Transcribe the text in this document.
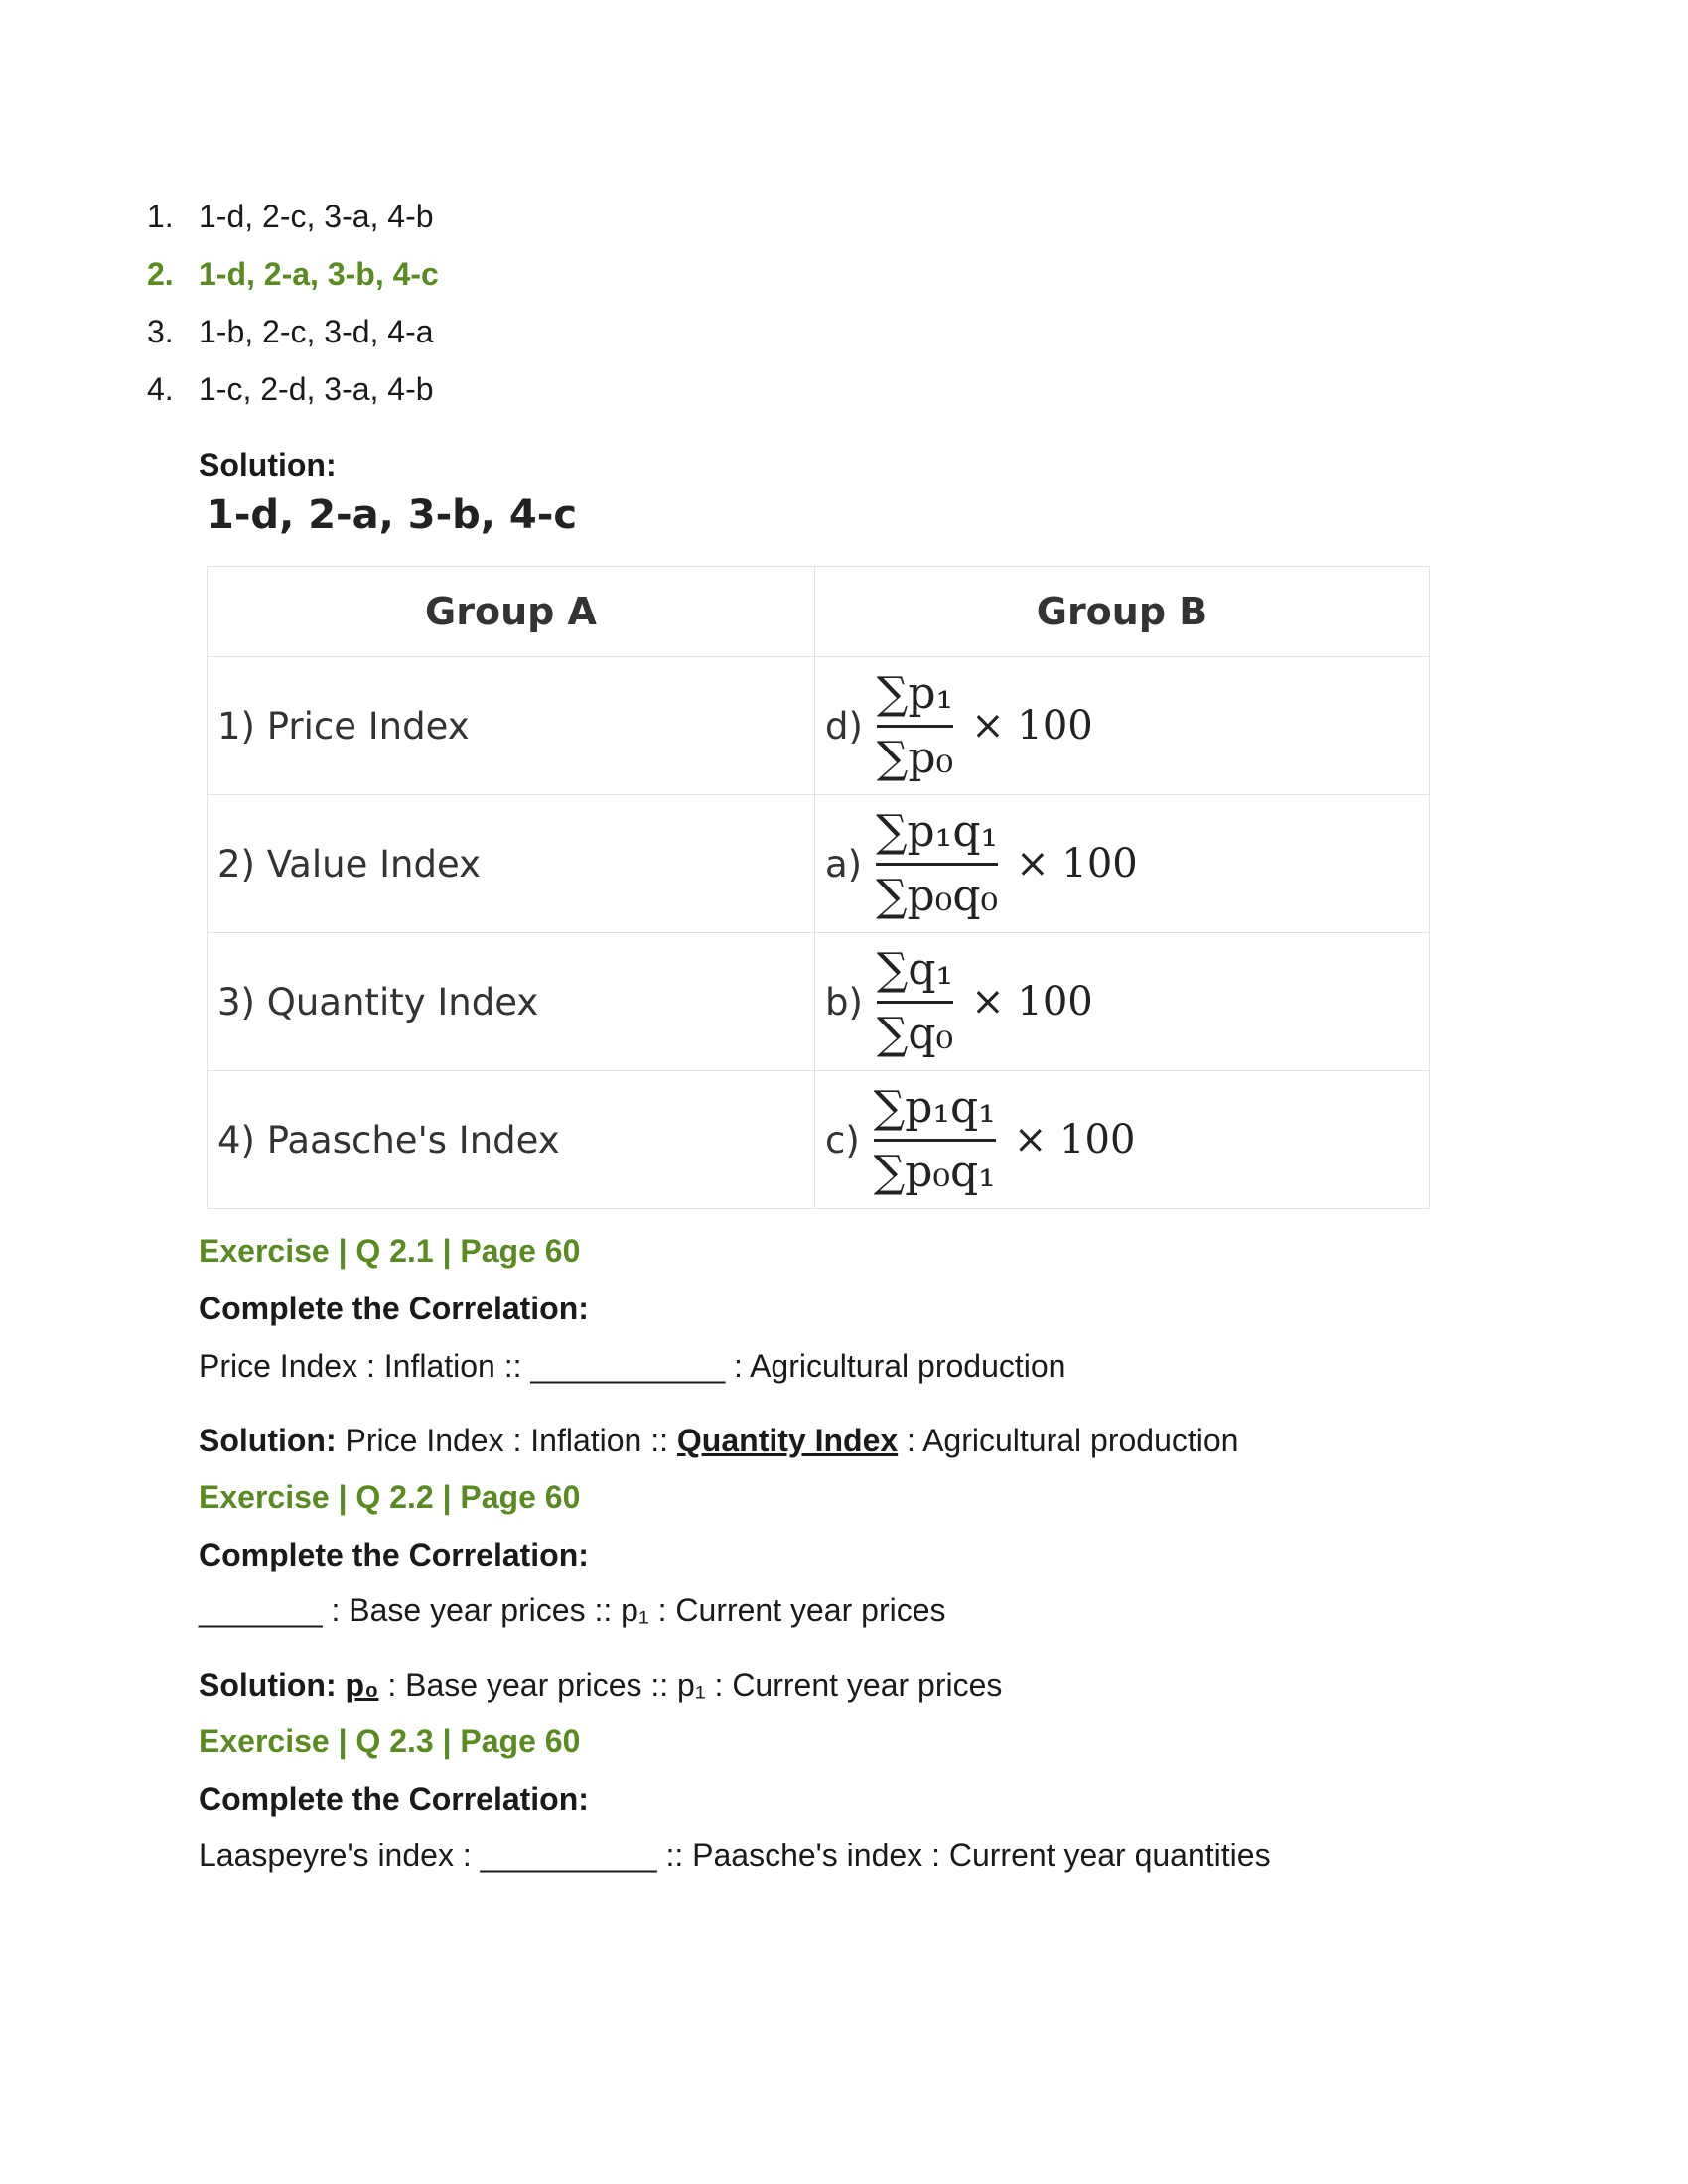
1. 1-d, 2-c, 3-a, 4-b
2. 1-d, 2-a, 3-b, 4-c
3. 1-b, 2-c, 3-d, 4-a
4. 1-c, 2-d, 3-a, 4-b
Solution:
1-d, 2-a, 3-b, 4-c
Group A	Group B
1) Price Index	$d) \frac{\text{∑p₁}}{\text{∑p₀}} \times 100$

2) Value Index	$a) \frac{\text{∑p₁q₁}}{\text{∑p₀q₀}} \times 100$

3) Quantity Index	$b) \frac{\text{∑q₁}}{\text{∑q₀}} \times 100$

4) Paasche's Index	$c) \frac{\text{∑p₁q₁}}{\text{∑p₀q₁}} \times 100$
Exercise | Q 2.1 | Page 60
Complete the Correlation:
Price Index : Inflation :: ___________ : Agricultural production
Solution: Price Index : Inflation :: Quantity Index : Agricultural production
Exercise | Q 2.2 | Page 60
Complete the Correlation:
_______ : Base year prices :: p₁ : Current year prices
Solution: p₀ : Base year prices :: p₁ : Current year prices
Exercise | Q 2.3 | Page 60
Complete the Correlation:
Laaspeyre's index : __________ :: Paasche's index : Current year quantities
